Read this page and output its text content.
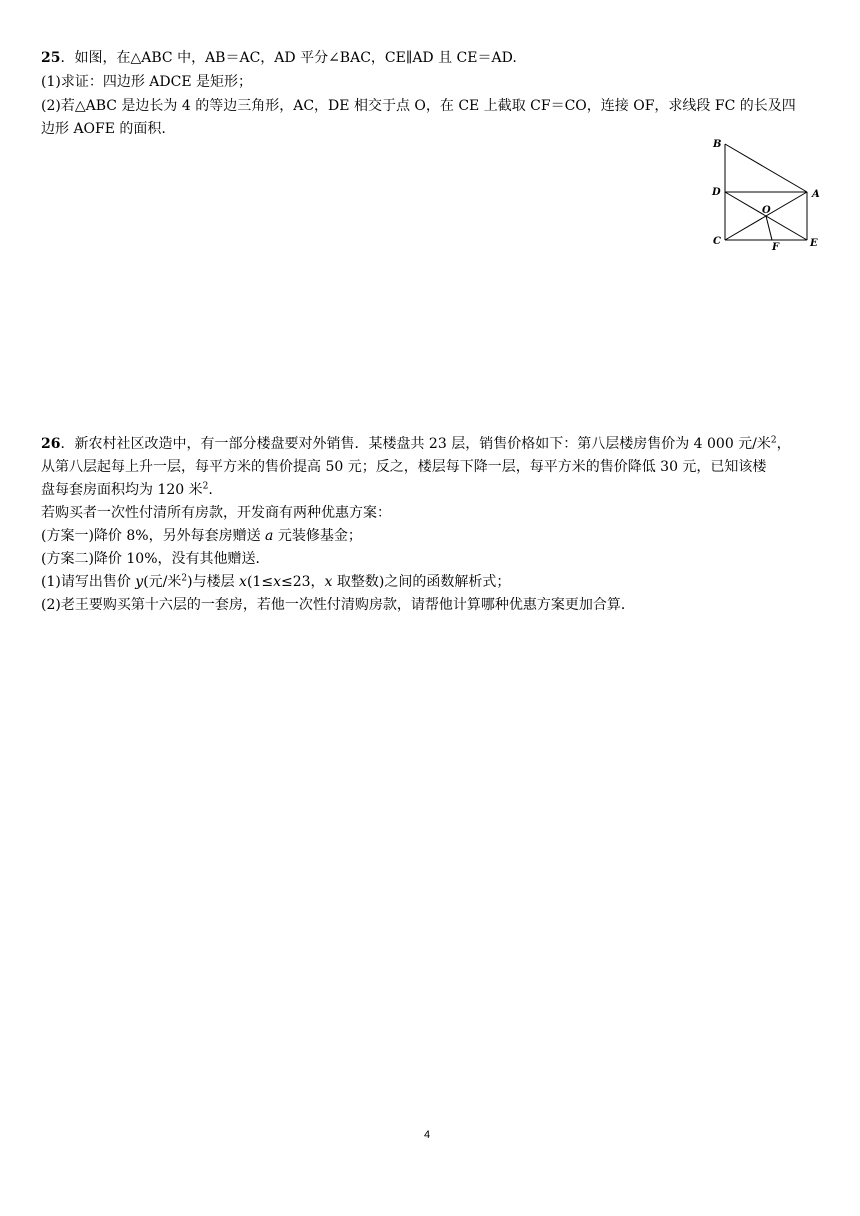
25．如图，在△ABC 中，AB＝AC，AD 平分∠BAC，CE∥AD 且 CE＝AD.
(1)求证：四边形 ADCE 是矩形；
(2)若△ABC 是边长为 4 的等边三角形，AC，DE 相交于点 O，在 CE 上截取 CF＝CO，连接 OF，求线段 FC 的长及四
边形 AOFE 的面积.
B
D	A
O
C
F	E
26．新农村社区改造中，有一部分楼盘要对外销售．某楼盘共 23 层，销售价格如下：第八层楼房售价为 4 000 元/米$^2$，
从第八层起每上升一层，每平方米的售价提高 50 元；反之，楼层每下降一层，每平方米的售价降低 30 元，已知该楼
盘每套房面积均为 120 米$^2$.
若购买者一次性付清所有房款，开发商有两种优惠方案：
(方案一)降价 8%，另外每套房赠送 a 元装修基金；
(方案二)降价 10%，没有其他赠送．
(1)请写出售价 y(元/米$^2$)与楼层 x(1≤x≤23，x 取整数)之间的函数解析式；
(2)老王要购买第十六层的一套房，若他一次性付清购房款，请帮他计算哪种优惠方案更加合算．
4
